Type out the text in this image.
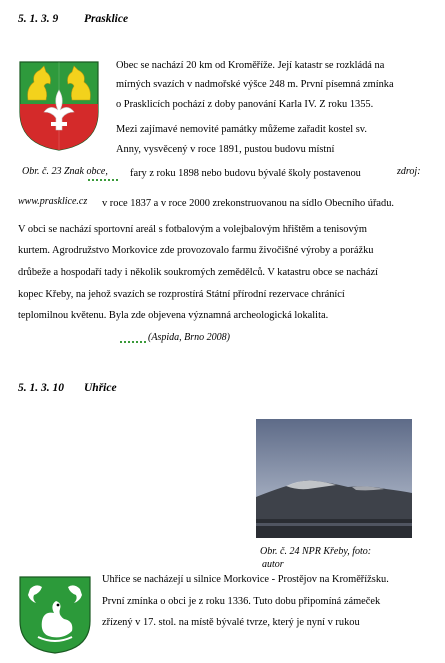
5. 1. 3. 9 Prasklice
Obec se nachází 20 km od Kroměříže. Její katastr se rozkládá na
mírných svazích v nadmořské výšce 248 m. První písemná zmínka
o Prasklicích pochází z doby panování Karla IV. Z roku 1355.
Mezi zajímavé nemovité památky můžeme zařadit kostel sv.
Anny, vysvěcený v roce 1891, pustou budovu místní
Obr. č. 23 Znak obce, fary z roku 1898 nebo budovu bývalé školy postavenou	zdroj:
www.prasklice.cz v roce 1837 a v roce 2000 zrekonstruovanou na sídlo Obecního úřadu.
V obci se nachází sportovní areál s fotbalovým a volejbalovým hřištěm a tenisovým
kurtem. Agrodružstvo Morkovice zde provozovalo farmu živočišné výroby a porážku
drůbeže a hospodaří tady i několik soukromých zemědělců. V katastru obce se nachází
kopec Křeby, na jehož svazích se rozprostírá Státní přírodní rezervace chránící
teplomilnou květenu. Byla zde objevena významná archeologická lokalita.
(Aspida, Brno 2008)
5. 1. 3. 10 Uhřice
Obr. č. 24 NPR Křeby, foto:
autor
Uhřice se nacházejí u silnice Morkovice - Prostějov na Kroměřížsku.
První zmínka o obci je z roku 1336. Tuto dobu připomíná zámeček
zřízený v 17. stol. na místě bývalé tvrze, který je nyní v rukou
